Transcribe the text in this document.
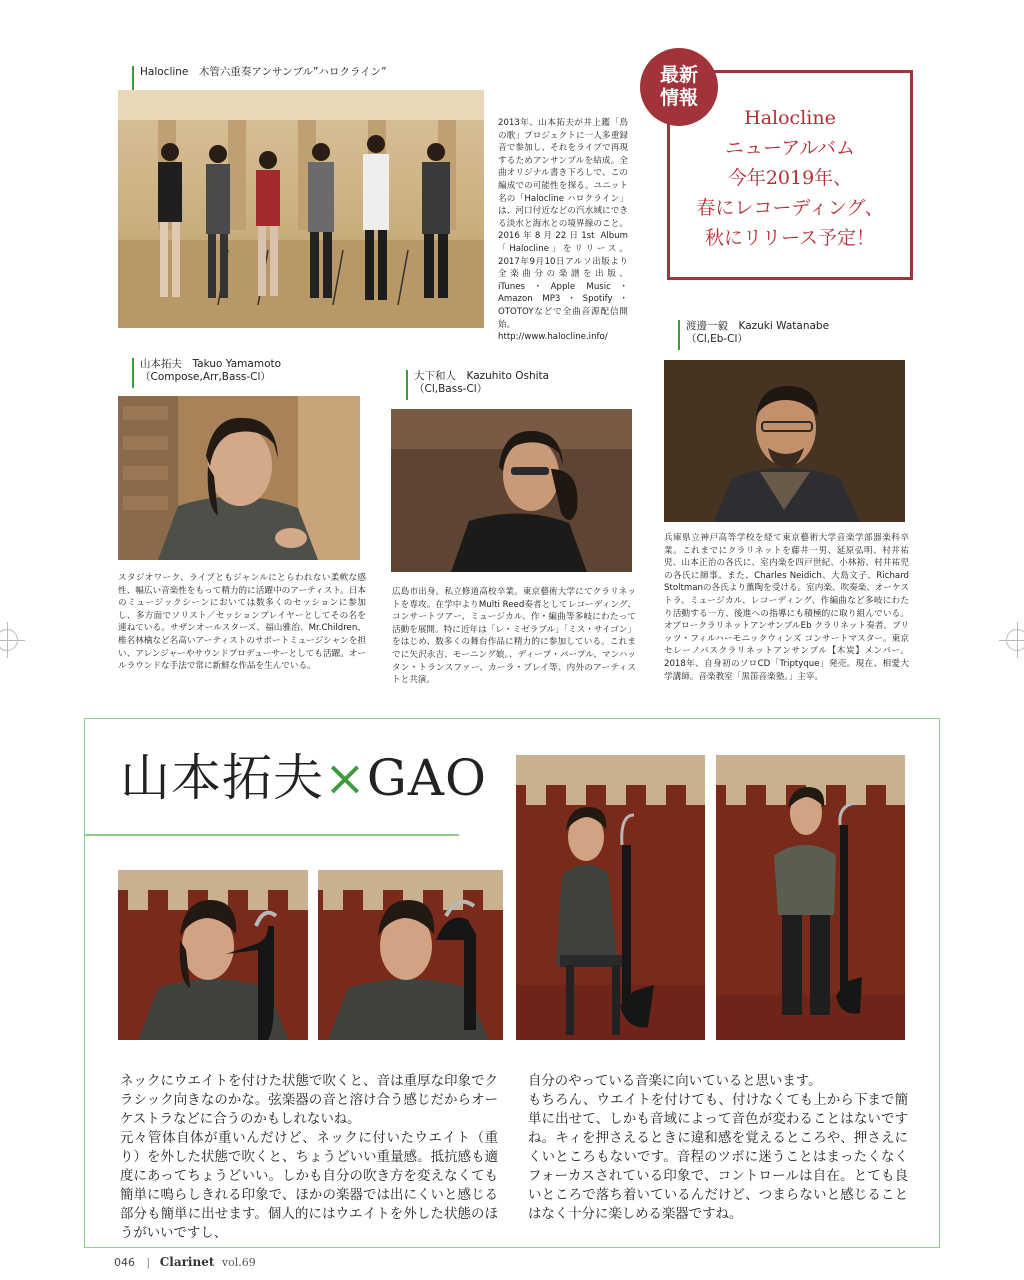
Halocline　木管六重奏アンサンブル”ハロクライン”
2013年、山本拓夫が井上鑑「鳥の歌」プロジェクトに一人多重録音で参加し、それをライブで再現するためアンサンブルを結成。全曲オリジナル書き下ろしで、この編成での可能性を探る。ユニット名の「Halocline ハロクライン」は、河口付近などの汽水域にできる淡水と海水との境界線のこと。2016年8月22日1st Album「Halocline」をリリース。2017年9月10日アルソ出版より全楽曲分の楽譜を出版、iTunes・Apple Music・Amazon MP3・Spotify・OTOTOYなどで全曲音源配信開始。
http://www.halocline.info/
最新
情報
Halocline
ニューアルバム
今年2019年、
春にレコーディング、
秋にリリース予定！
山本拓夫　Takuo Yamamoto
（Compose,Arr,Bass-Cl）
スタジオワーク、ライブともジャンルにとらわれない柔軟な感性、幅広い音楽性をもって精力的に活躍中のアーティスト。日本のミュージックシーンにおいては数多くのセッションに参加し、多方面でソリスト／セッションプレイヤーとしてその名を連ねている。サザンオールスターズ、福山雅治、Mr.Children、椎名林檎など名高いアーティストのサポートミュージシャンを担い、アレンジャーやサウンドプロデューサーとしても活躍。オールラウンドな手法で常に新鮮な作品を生んでいる。
大下和人　Kazuhito Oshita
（Cl,Bass-Cl）
広島市出身。私立修道高校卒業。東京藝術大学にてクラリネットを専攻。在学中よりMulti Reed奏者としてレコーディング、コンサートツアー、ミュージカル、作・編曲等多岐にわたって活動を展開。特に近年は「レ・ミゼラブル」「ミス・サイゴン」をはじめ、数多くの舞台作品に精力的に参加している。これまでに矢沢永吉、モーニング娘。、ディープ・パープル、マンハッタン・トランスファー、カーラ・ブレイ等、内外のアーティストと共演。
渡邊一毅　Kazuki Watanabe
（Cl,Eb-Cl）
兵庫県立神戸高等学校を経て東京藝術大学音楽学部器楽科卒業。これまでにクラリネットを藤井一男、延原弘明、村井祐児、山本正治の各氏に、室内楽を四戸世紀、小林裕、村井祐児の各氏に師事。また、Charles Neidich、大島文子、Richard Stoltmanの各氏より薫陶を受ける。室内楽、吹奏楽、オーケストラ、ミュージカル、レコーディング、作編曲など多岐にわたり活動する一方、後進への指導にも積極的に取り組んでいる。オブロークラリネットアンサンブルEb クラリネット奏者。ブリッツ・フィルハーモニックウィンズ コンサートマスター。東京セレーノバスクラリネットアンサンブル【木炭】メンバー。2018年、自身初のソロCD「Triptyque」発売。現在、相愛大学講師。音楽教室「黒笛音楽塾。」主宰。
山本拓夫×GAO

ネックにウエイトを付けた状態で吹くと、音は重厚な印象でクラシック向きなのかな。弦楽器の音と溶け合う感じだからオーケストラなどに合うのかもしれないね。

元々管体自体が重いんだけど、ネックに付いたウエイト（重り）を外した状態で吹くと、ちょうどいい重量感。抵抗感も適度にあってちょうどいい。しかも自分の吹き方を変えなくても簡単に鳴らしきれる印象で、ほかの楽器では出にくいと感じる部分も簡単に出せます。個人的にはウエイトを外した状態のほうがいいですし、

自分のやっている音楽に向いていると思います。

もちろん、ウエイトを付けても、付けなくても上から下まで簡単に出せて、しかも音域によって音色が変わることはないですね。キィを押さえるときに違和感を覚えるところや、押さえにくいところもないです。音程のツボに迷うことはまったくなくフォーカスされている印象で、コントロールは自在。とても良いところで落ち着いているんだけど、つまらないと感じることはなく十分に楽しめる楽器ですね。

046 | Clarinet vol.69
